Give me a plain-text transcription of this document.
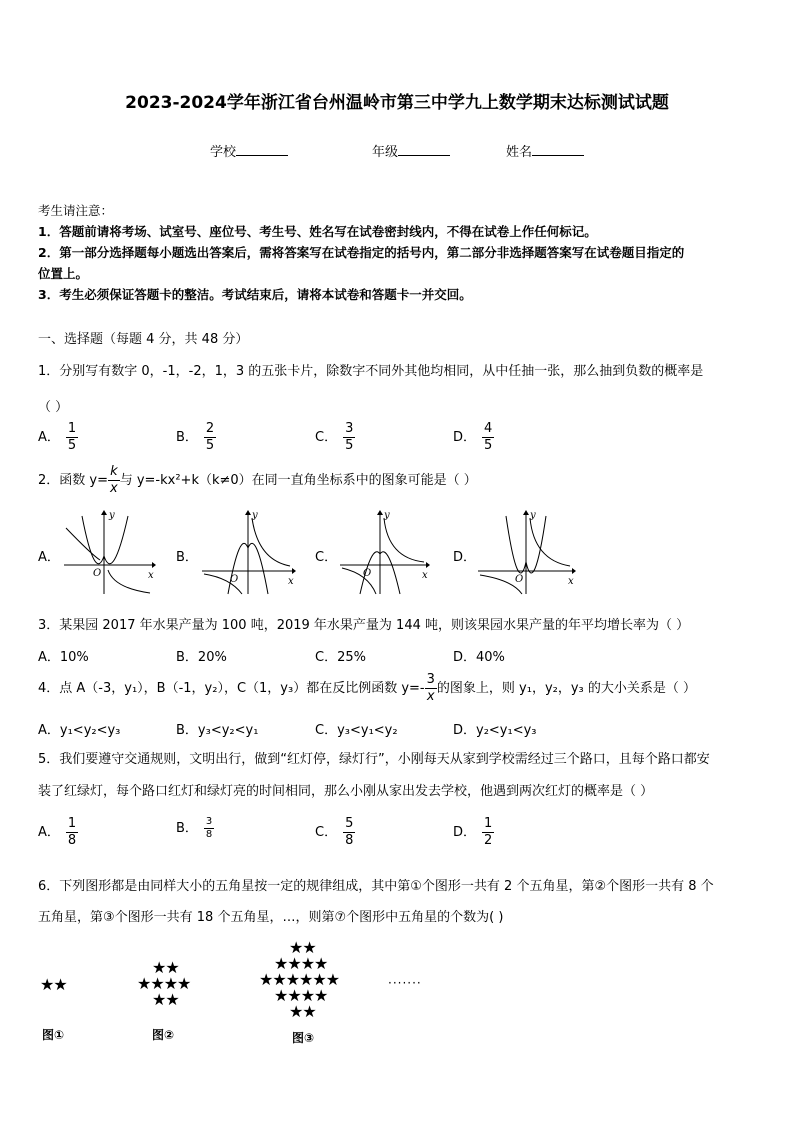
2023-2024学年浙江省台州温岭市第三中学九上数学期末达标测试试题
学校	年级	姓名
考生请注意：
1．答题前请将考场、试室号、座位号、考生号、姓名写在试卷密封线内，不得在试卷上作任何标记。
2．第一部分选择题每小题选出答案后，需将答案写在试卷指定的括号内，第二部分非选择题答案写在试卷题目指定的
位置上。
3．考生必须保证答题卡的整洁。考试结束后，请将本试卷和答题卡一并交回。
一、选择题（每题 4 分，共 48 分）
1．分别写有数字 0，-1，-2，1，3 的五张卡片，除数字不同外其他均相同，从中任抽一张，那么抽到负数的概率是
（ ）
A． $\frac{1}{5}$	B． $\frac{2}{5}$	C． $\frac{3}{5}$	D． $\frac{4}{5}$
2．函数 $y= \frac{k}{x}$ 与 y=-kx²+k（k≠0）在同一直角坐标系中的图象可能是（ ）
A．	B．	C．	D．
y
x
O
y
x
O
y
x
O
y
x
O
3．某果园 2017 年水果产量为 100 吨，2019 年水果产量为 144 吨，则该果园水果产量的年平均增长率为（ ）
A．10%	B．20%	C．25%	D．40%
4．点 A（-3，y₁），B（-1，y₂），C（1，y₃）都在反比例函数 $y=- \frac{3}{x}$ 的图象上，则 y₁，y₂，y₃ 的大小关系是（ ）
A．y₁<y₂<y₃	B．y₃<y₂<y₁	C．y₃<y₁<y₂	D．y₂<y₁<y₃
5．我们要遵守交通规则，文明出行，做到“红灯停，绿灯行”，小刚每天从家到学校需经过三个路口，且每个路口都安
装了红绿灯，每个路口红灯和绿灯亮的时间相同，那么小刚从家出发去学校，他遇到两次红灯的概率是（ ）
A． $\frac{1}{8}$	B． $\frac{3}{8}$	C． $\frac{5}{8}$	D． $\frac{1}{2}$
6．下列图形都是由同样大小的五角星按一定的规律组成，其中第①个图形一共有 2 个五角星，第②个图形一共有 8 个
五角星，第③个图形一共有 18 个五角星，…，则第⑦个图形中五角星的个数为( )
★★
图①
★★
★★★★
★★
图②
★★
★★★★
★★★★★★
★★★★
★★
图③
·······
